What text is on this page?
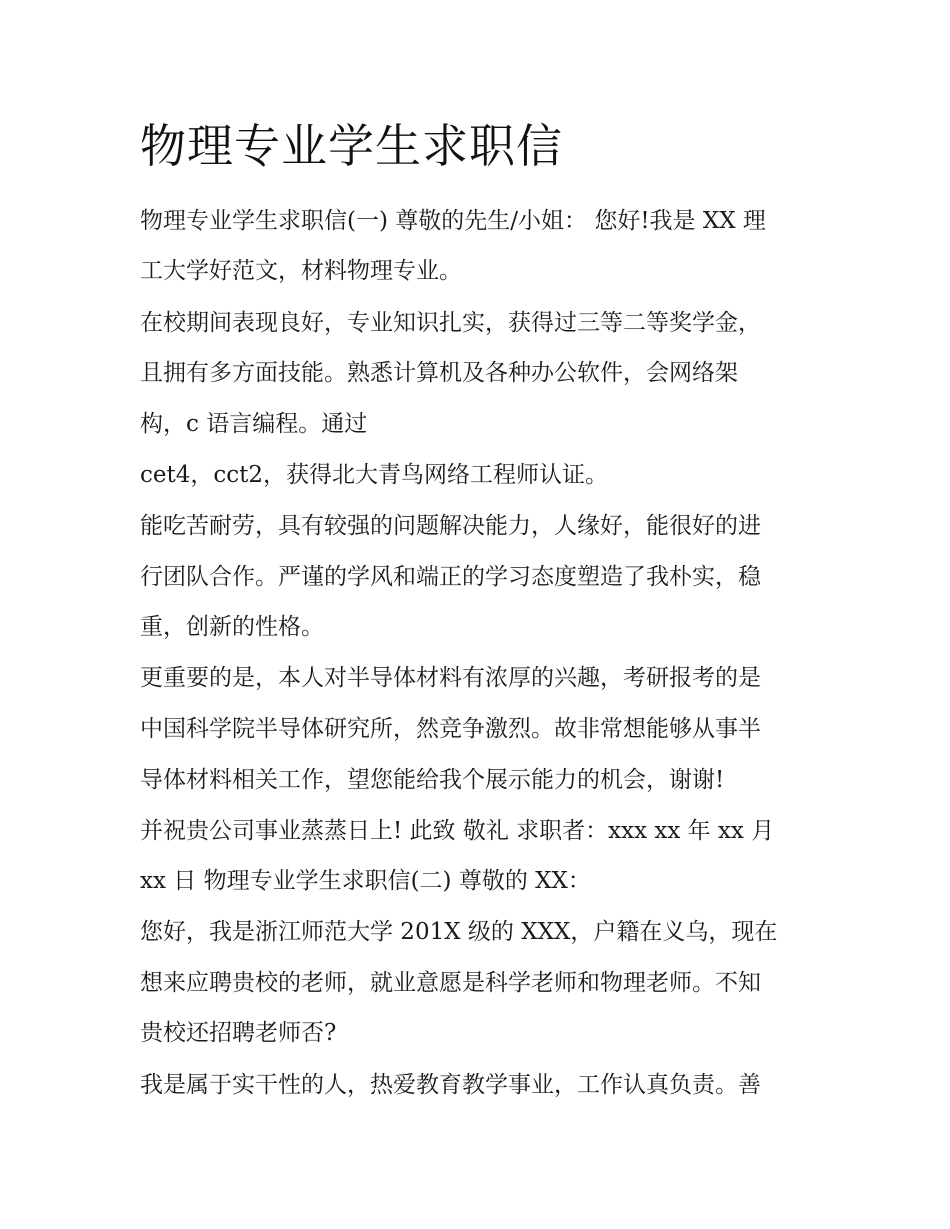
物理专业学生求职信
物理专业学生求职信(一) 尊敬的先生/小姐： 您好!我是 XX 理
工大学好范文，材料物理专业。
在校期间表现良好，专业知识扎实，获得过三等二等奖学金，
且拥有多方面技能。熟悉计算机及各种办公软件，会网络架
构，c 语言编程。通过
cet4，cct2，获得北大青鸟网络工程师认证。
能吃苦耐劳，具有较强的问题解决能力，人缘好，能很好的进
行团队合作。严谨的学风和端正的学习态度塑造了我朴实，稳
重，创新的性格。
更重要的是，本人对半导体材料有浓厚的兴趣，考研报考的是
中国科学院半导体研究所，然竞争激烈。故非常想能够从事半
导体材料相关工作，望您能给我个展示能力的机会，谢谢!
并祝贵公司事业蒸蒸日上! 此致 敬礼 求职者：xxx xx 年 xx 月
xx 日 物理专业学生求职信(二) 尊敬的 XX：
您好，我是浙江师范大学 201X 级的 XXX，户籍在义乌，现在
想来应聘贵校的老师，就业意愿是科学老师和物理老师。不知
贵校还招聘老师否?
我是属于实干性的人，热爱教育教学事业，工作认真负责。善
